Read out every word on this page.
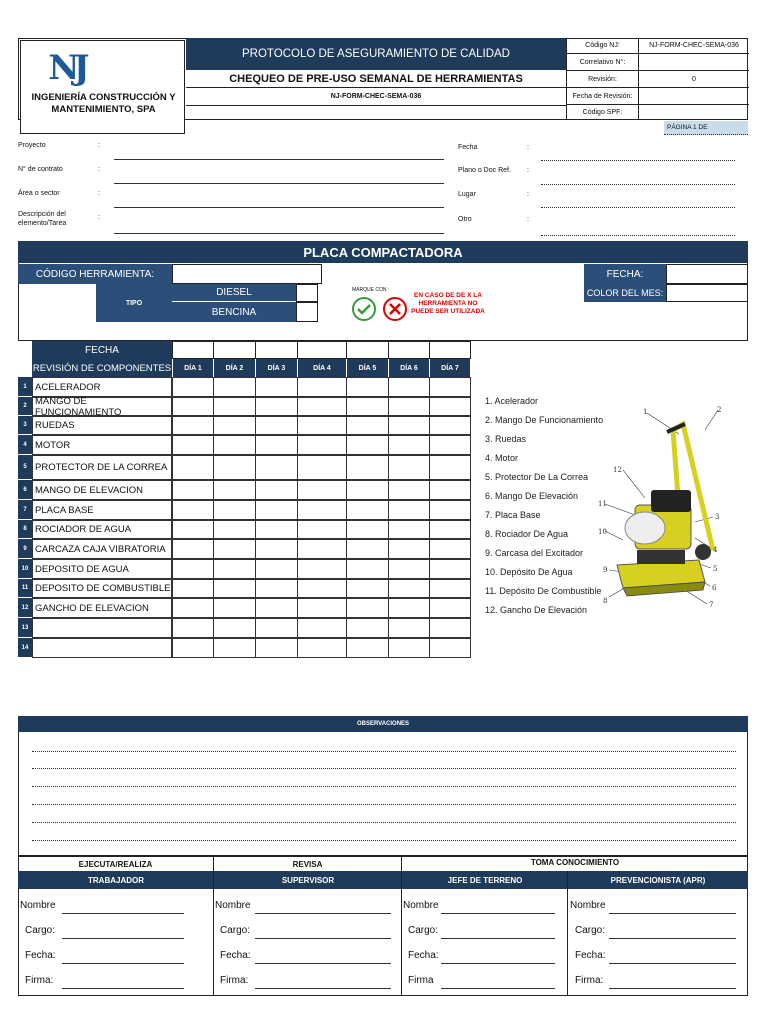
NJ
INGENIERÍA CONSTRUCCIÓN Y
MANTENIMIENTO, SPA
PROTOCOLO DE ASEGURAMIENTO DE CALIDAD
CHEQUEO DE PRE-USO SEMANAL DE HERRAMIENTAS
NJ-FORM-CHEC-SEMA-036
Código NJ:	NJ-FORM-CHEC-SEMA-036
Correlativo N°:
Revisión:	0
Fecha de Revisión:
Código SPF:
PÁGINA 1 DE
Proyecto	:
N° de contrato	:
Área o sector	:
Descripción del elemento/Tarea
:
Fecha	:
Plano o Doc Ref. :
Lugar	:
Otro	:
PLACA COMPACTADORA
CÓDIGO HERRAMIENTA:
TIPO
DIESEL
BENCINA
MARQUE CON :
EN CASO DE DE X LA HERRAMIENTA NO PUEDE SER UTILIZADA
FECHA:
COLOR DEL MES:
FECHA
REVISIÓN DE COMPONENTES	DÍA 1	DÍA 2	DÍA 3	DÍA 4	DÍA 5	DÍA 6	DÍA 7
1 ACELERADOR
2 MANGO DE FUNCIONAMIENTO
3 RUEDAS
4 MOTOR
5 PROTECTOR DE LA CORREA
6 MANGO DE ELEVACION
7 PLACA BASE
8 ROCIADOR DE AGUA
9 CARCAZA CAJA VIBRATORIA
10 DEPOSITO DE AGUA
11 DEPOSITO DE COMBUSTIBLE
12 GANCHO DE ELEVACION
13
14
1. Acelerador
2. Mango De Funcionamiento
3. Ruedas
4. Motor
5. Protector De La Correa
6. Mango De Elevación
7. Placa Base
8. Rociador De Agua
9. Carcasa del Excitador
10. Depósito De Agua
11. Depósito De Combustible
12. Gancho De Elevación
1	2
3
4
5
6
7
8
9
10
11
12
OBSERVACIONES
EJECUTA/REALIZA	REVISA	TOMA CONOCIMIENTO
TRABAJADOR	SUPERVISOR	JEFE DE TERRENO	PREVENCIONISTA (APR)
Nombre
Cargo:
Fecha:
Firma:
Nombre
Cargo:
Fecha:
Firma:
Nombre
Cargo:
Fecha:
Firma
Nombre
Cargo:
Fecha:
Firma:
